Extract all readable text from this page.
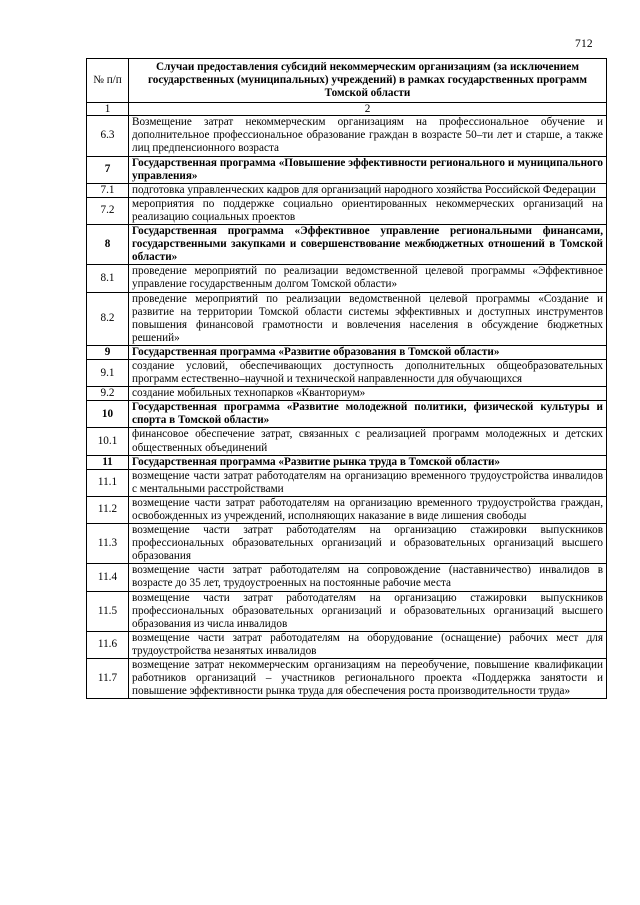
712
№ п/п	Случаи предоставления субсидий некоммерческим организациям (за исключением государственных (муниципальных) учреждений) в рамках государственных программ Томской области
1	2
6.3	Возмещение затрат некоммерческим организациям на профессиональное обучение и дополнительное профессиональное образование граждан в возрасте 50–ти лет и старше, а также лиц предпенсионного возраста
7	Государственная программа «Повышение эффективности регионального и муниципального управления»
7.1	подготовка управленческих кадров для организаций народного хозяйства Российской Федерации
7.2	мероприятия по поддержке социально ориентированных некоммерческих организаций на реализацию социальных проектов
8	Государственная программа «Эффективное управление региональными финансами, государственными закупками и совершенствование межбюджетных отношений в Томской области»
8.1	проведение мероприятий по реализации ведомственной целевой программы «Эффективное управление государственным долгом Томской области»
8.2	проведение мероприятий по реализации ведомственной целевой программы «Создание и развитие на территории Томской области системы эффективных и доступных инструментов повышения финансовой грамотности и вовлечения населения в обсуждение бюджетных решений»
9	Государственная программа «Развитие образования в Томской области»
9.1	создание условий, обеспечивающих доступность дополнительных общеобразовательных программ естественно–научной и технической направленности для обучающихся
9.2	создание мобильных технопарков «Кванториум»
10	Государственная программа «Развитие молодежной политики, физической культуры и спорта в Томской области»
10.1	финансовое обеспечение затрат, связанных с реализацией программ молодежных и детских общественных объединений
11	Государственная программа «Развитие рынка труда в Томской области»
11.1	возмещение части затрат работодателям на организацию временного трудоустройства инвалидов с ментальными расстройствами
11.2	возмещение части затрат работодателям на организацию временного трудоустройства граждан, освобожденных из учреждений, исполняющих наказание в виде лишения свободы
11.3	возмещение части затрат работодателям на организацию стажировки выпускников профессиональных образовательных организаций и образовательных организаций высшего образования
11.4	возмещение части затрат работодателям на сопровождение (наставничество) инвалидов в возрасте до 35 лет, трудоустроенных на постоянные рабочие места
11.5	возмещение части затрат работодателям на организацию стажировки выпускников профессиональных образовательных организаций и образовательных организаций высшего образования из числа инвалидов
11.6	возмещение части затрат работодателям на оборудование (оснащение) рабочих мест для трудоустройства незанятых инвалидов
11.7	возмещение затрат некоммерческим организациям на переобучение, повышение квалификации работников организаций – участников регионального проекта «Поддержка занятости и повышение эффективности рынка труда для обеспечения роста производительности труда»
